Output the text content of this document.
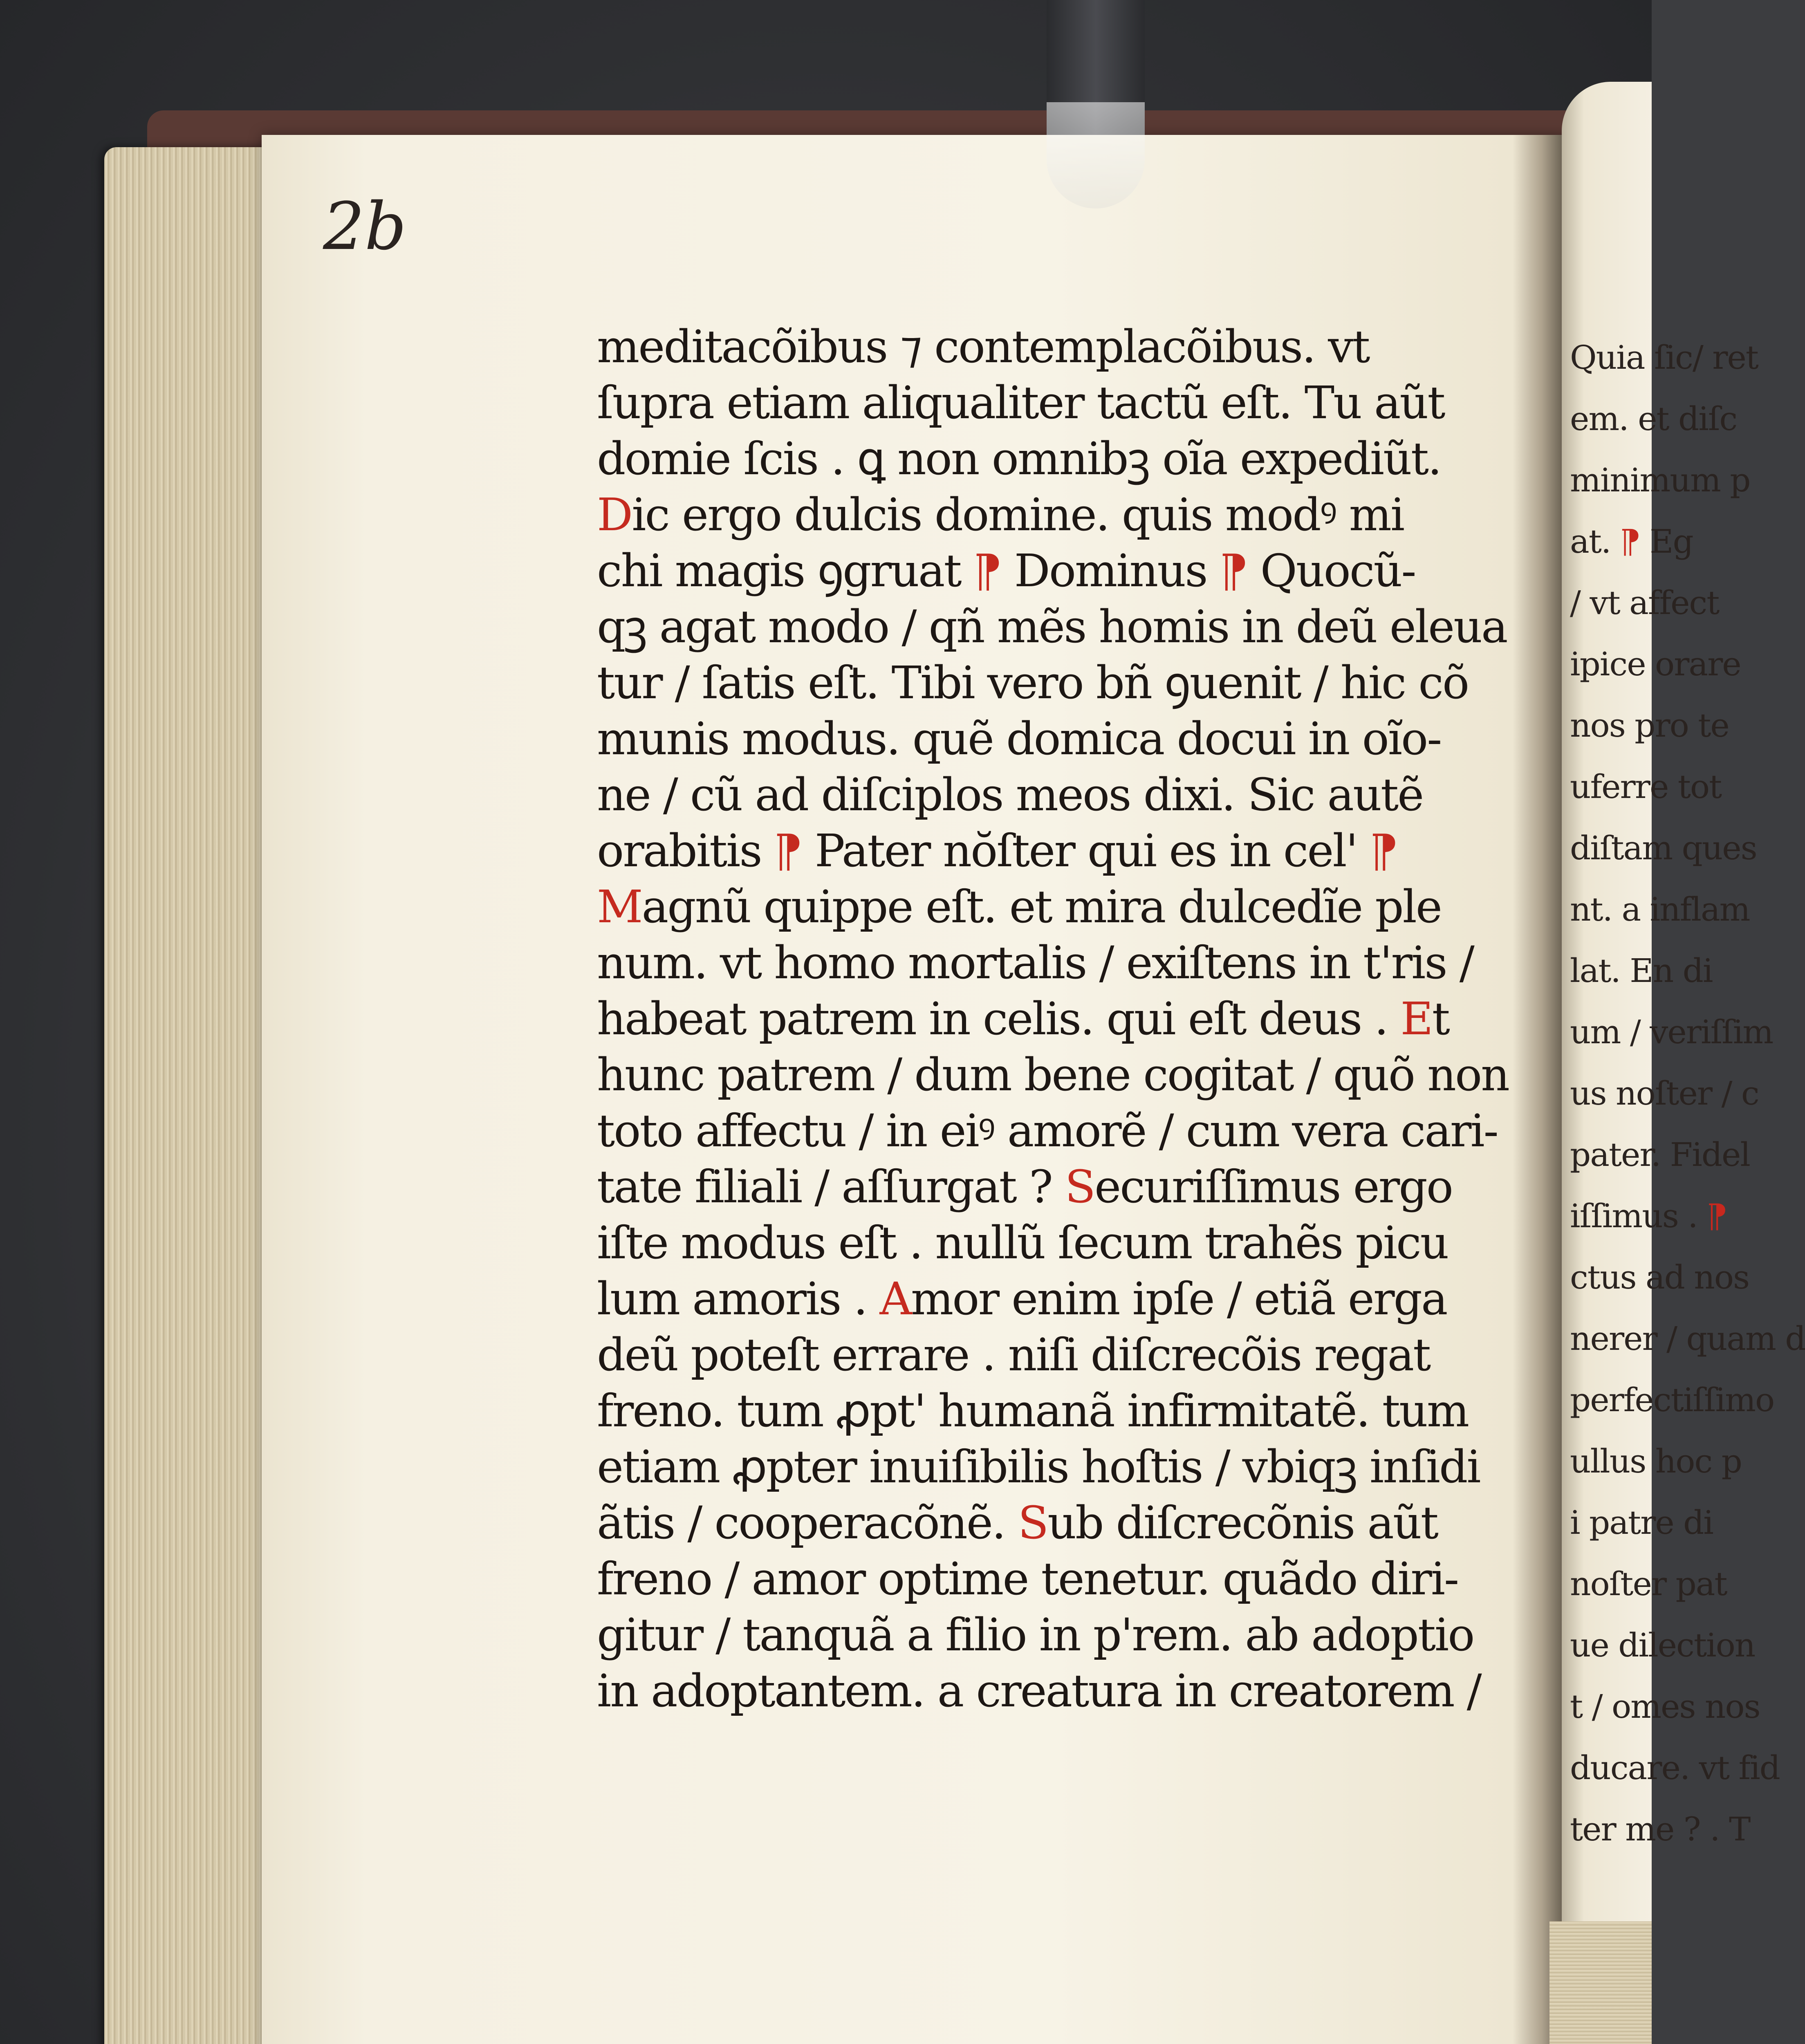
Quia ſic/ ret
em. et diſc
minimum p
at. ⁋ Eg
/ vt affect
ipice orare
nos pro te
uferre tot
diſtam ques
nt. a inflam
lat. En di
um / veriſſim
us noſter / c
pater. Fidel
iſſimus . ⁋
ctus ad nos
nerer / quam d
perfectiſſimo
ullus hoc p
i patre di
noſter pat
ue dilection
t / omes nos
ducare. vt fid
ter me ? . T
2b
meditacõibus ⁊ contemplacõibus. vt
ſupra etiam aliqualiter tactũ eſt. Tu aũt
domie ſcis . ꝗ non omnibꝫ oĩa expediũt.
Dic ergo dulcis domine. quis modꝰ mi
chi magis ꝯgruat ⁋ Dominus ⁋ Quocũ-
qꝫ agat modo / qñ mẽs homis in deũ eleua
tur / ſatis eſt. Tibi vero bñ ꝯuenit / hic cõ
munis modus. quẽ domica docui in oĩo-
ne / cũ ad diſciplos meos dixi. Sic autẽ
orabitis ⁋ Pater nŏſter qui es in cel' ⁋
Magnũ quippe eſt. et mira dulcedĩe ple
num. vt homo mortalis / exiſtens in t'ris /
habeat patrem in celis. qui eſt deus . Et
hunc patrem / dum bene cogitat / quõ non
toto affectu / in eiꝰ amorẽ / cum vera cari-
tate filiali / aſſurgat ? Securiſſimus ergo
iſte modus eſt . nullũ ſecum trahẽs picu
lum amoris . Amor enim ipſe / etiã erga
deũ poteſt errare . niſi diſcrecõis regat
freno. tum ꝓpt' humanã infirmitatẽ. tum
etiam ꝓpter inuiſibilis hoſtis / vbiqꝫ inſidi
ãtis / cooperacõnẽ. Sub diſcrecõnis aũt
freno / amor optime tenetur. quãdo diri-
gitur / tanquã a filio in p'rem. ab adoptio
in adoptantem. a creatura in creatorem /
